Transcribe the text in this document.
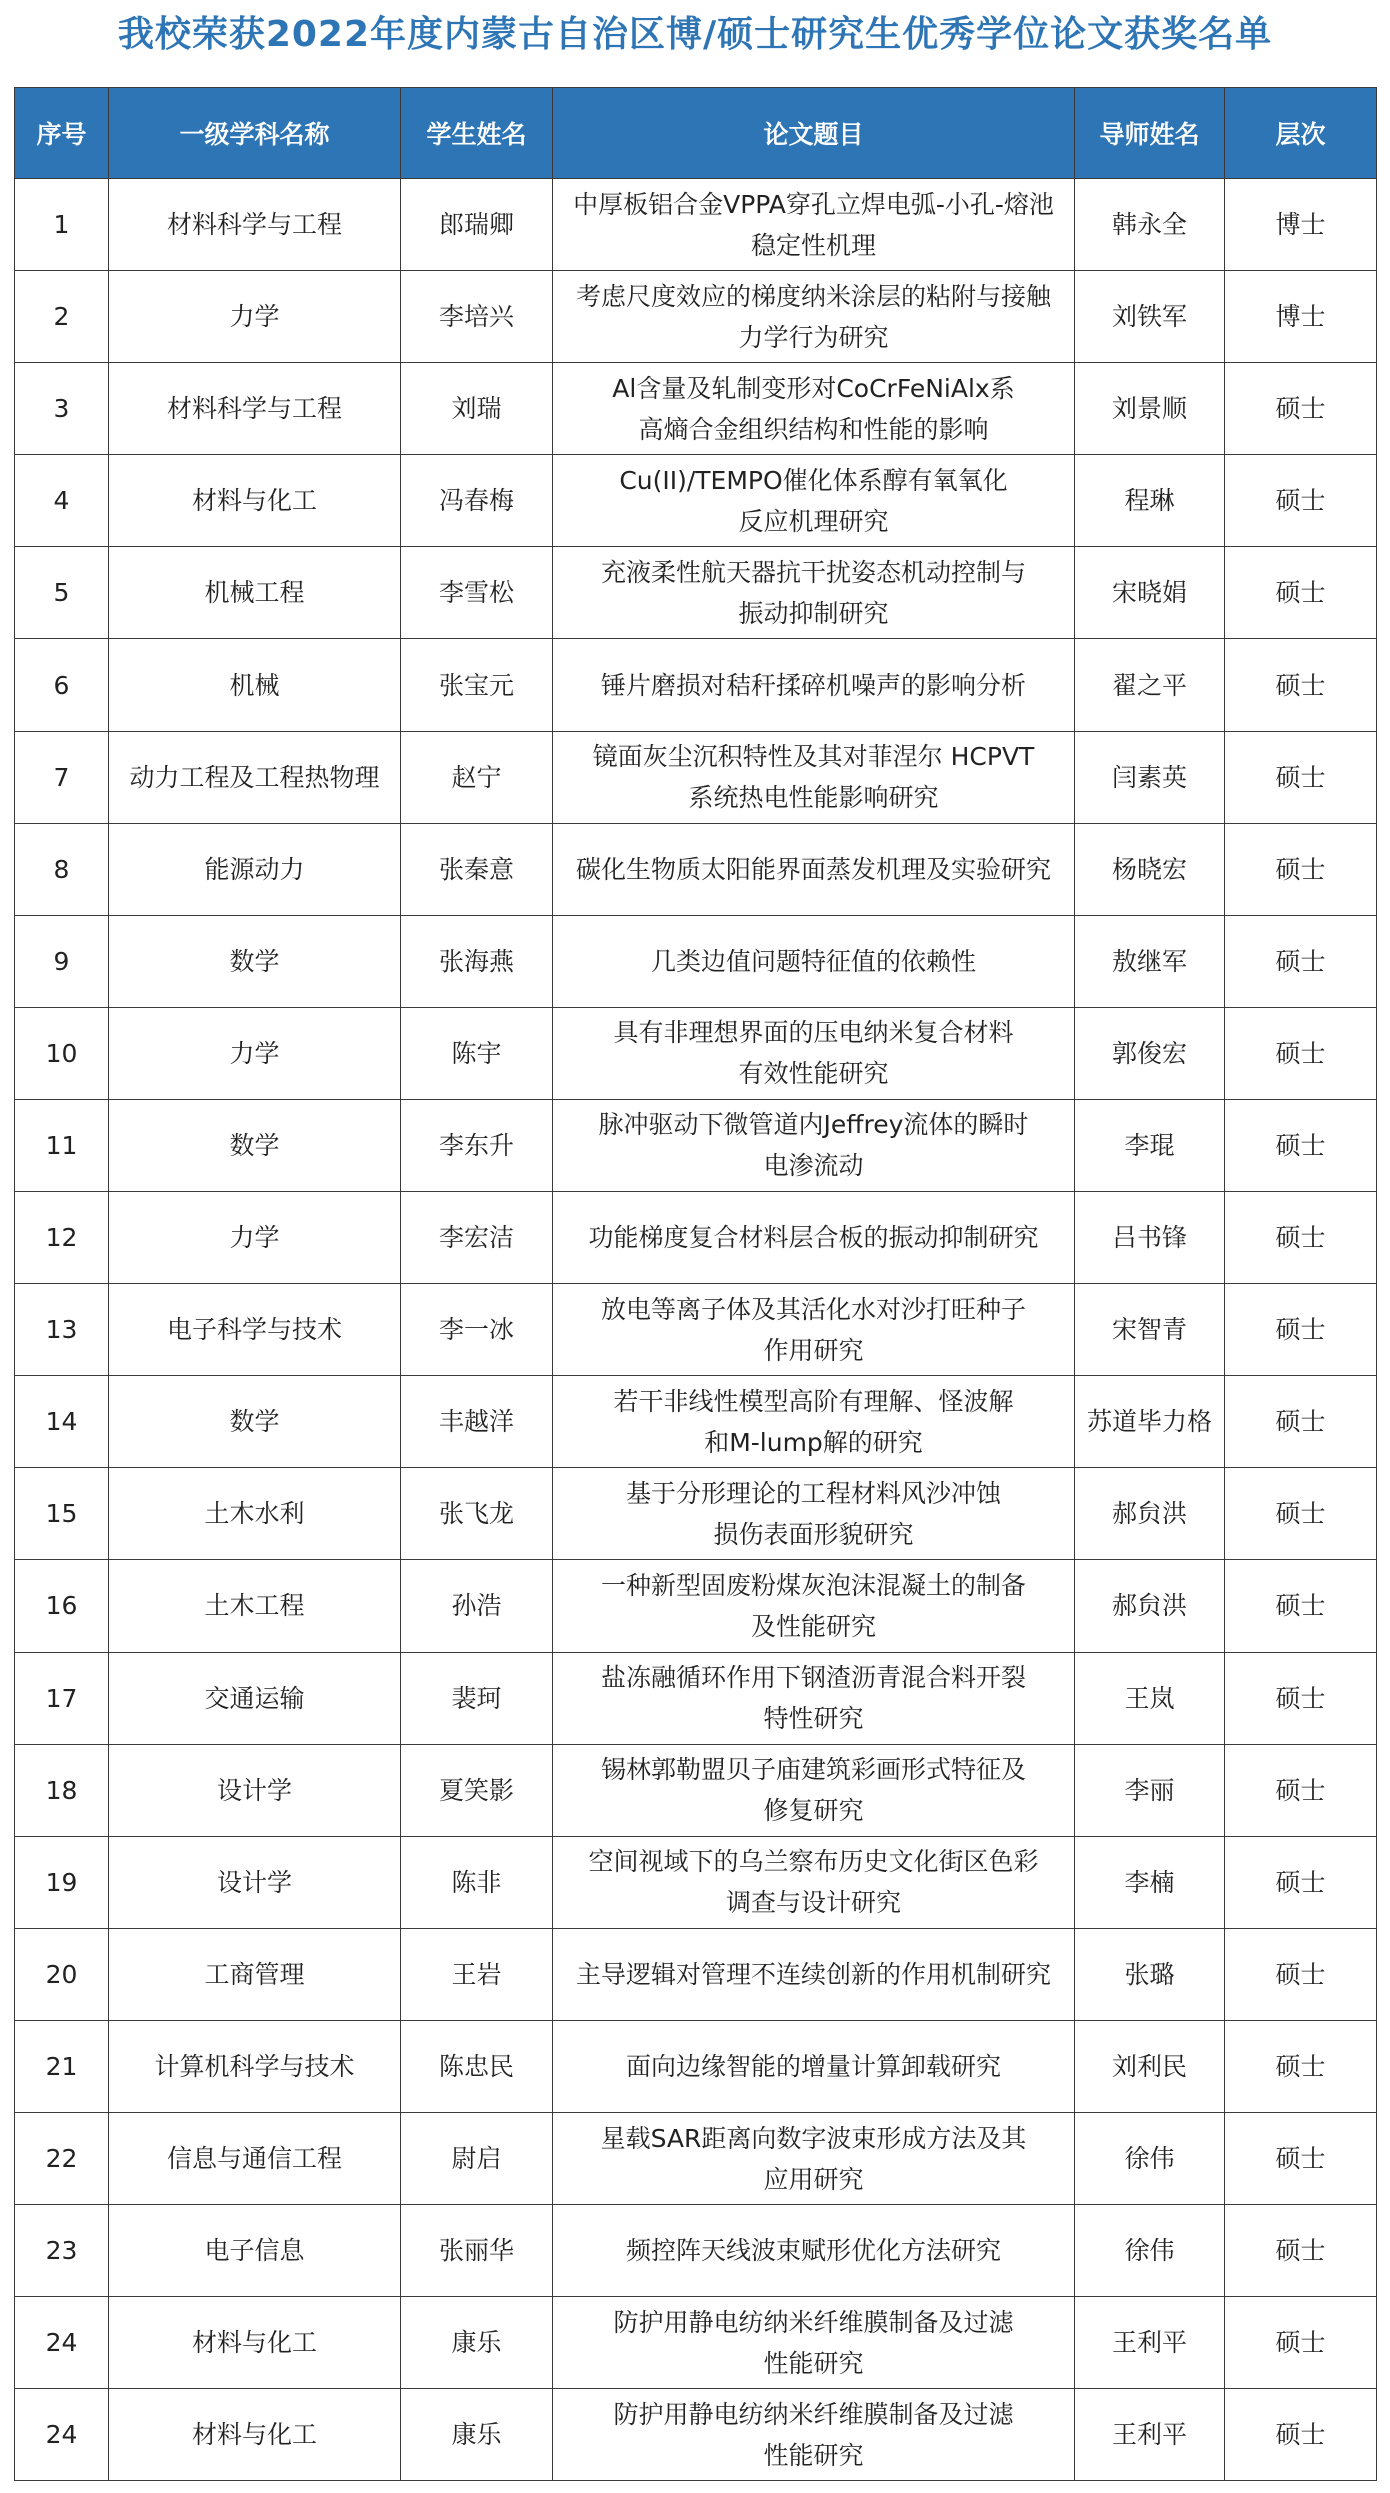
我校荣获2022年度内蒙古自治区博/硕士研究生优秀学位论文获奖名单
序号	一级学科名称	学生姓名	论文题目	导师姓名	层次
1	材料科学与工程	郎瑞卿	中厚板铝合金VPPA穿孔立焊电弧-小孔-熔池
稳定性机理	韩永全	博士
2	力学	李培兴	考虑尺度效应的梯度纳米涂层的粘附与接触
力学行为研究	刘铁军	博士
3	材料科学与工程	刘瑞	Al含量及轧制变形对CoCrFeNiAlx系
高熵合金组织结构和性能的影响	刘景顺	硕士
4	材料与化工	冯春梅	Cu(II)/TEMPO催化体系醇有氧氧化
反应机理研究	程琳	硕士
5	机械工程	李雪松	充液柔性航天器抗干扰姿态机动控制与
振动抑制研究	宋晓娟	硕士
6	机械	张宝元	锤片磨损对秸秆揉碎机噪声的影响分析	翟之平	硕士
7	动力工程及工程热物理	赵宁	镜面灰尘沉积特性及其对菲涅尔 HCPVT
系统热电性能影响研究	闫素英	硕士
8	能源动力	张秦意	碳化生物质太阳能界面蒸发机理及实验研究	杨晓宏	硕士
9	数学	张海燕	几类边值问题特征值的依赖性	敖继军	硕士
10	力学	陈宇	具有非理想界面的压电纳米复合材料
有效性能研究	郭俊宏	硕士
11	数学	李东升	脉冲驱动下微管道内Jeffrey流体的瞬时
电渗流动	李琨	硕士
12	力学	李宏洁	功能梯度复合材料层合板的振动抑制研究	吕书锋	硕士
13	电子科学与技术	李一冰	放电等离子体及其活化水对沙打旺种子
作用研究	宋智青	硕士
14	数学	丰越洋	若干非线性模型高阶有理解、怪波解
和M-lump解的研究	苏道毕力格	硕士
15	土木水利	张飞龙	基于分形理论的工程材料风沙冲蚀
损伤表面形貌研究	郝贠洪	硕士
16	土木工程	孙浩	一种新型固废粉煤灰泡沫混凝土的制备
及性能研究	郝贠洪	硕士
17	交通运输	裴珂	盐冻融循环作用下钢渣沥青混合料开裂
特性研究	王岚	硕士
18	设计学	夏笑影	锡林郭勒盟贝子庙建筑彩画形式特征及
修复研究	李丽	硕士
19	设计学	陈非	空间视域下的乌兰察布历史文化街区色彩
调查与设计研究	李楠	硕士
20	工商管理	王岩	主导逻辑对管理不连续创新的作用机制研究	张璐	硕士
21	计算机科学与技术	陈忠民	面向边缘智能的增量计算卸载研究	刘利民	硕士
22	信息与通信工程	尉启	星载SAR距离向数字波束形成方法及其
应用研究	徐伟	硕士
23	电子信息	张丽华	频控阵天线波束赋形优化方法研究	徐伟	硕士
24	材料与化工	康乐	防护用静电纺纳米纤维膜制备及过滤
性能研究	王利平	硕士
24	材料与化工	康乐	防护用静电纺纳米纤维膜制备及过滤
性能研究	王利平	硕士
